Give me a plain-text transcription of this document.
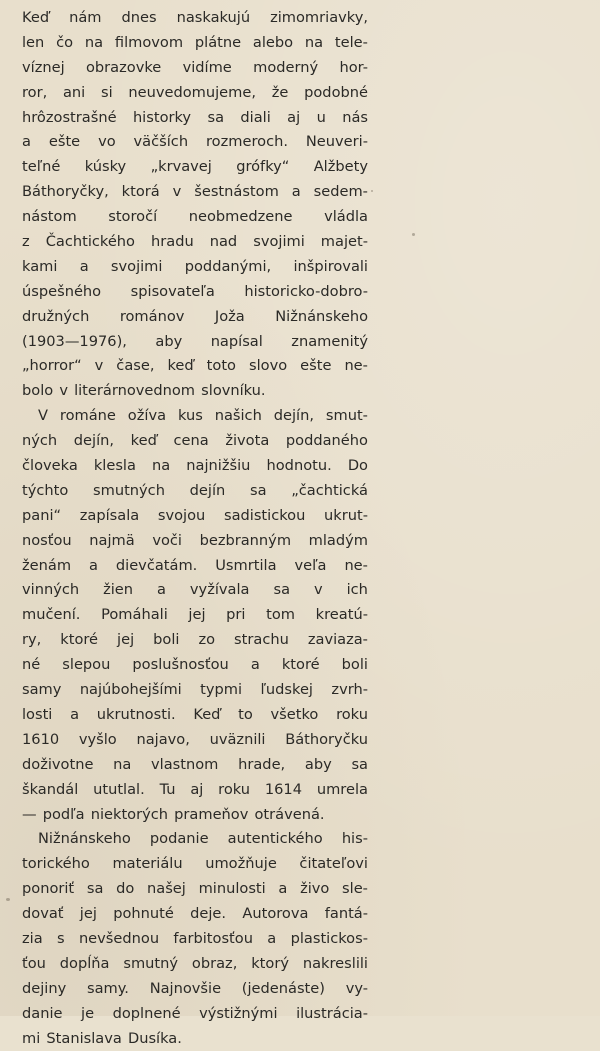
Keď nám dnes naskakujú zimomriavky,
len čo na filmovom plátne alebo na tele-
víznej obrazovke vidíme moderný hor-
ror, ani si neuvedomujeme, že podobné
hrôzostrašné historky sa diali aj u nás
a ešte vo väčších rozmeroch. Neuveri-
teľné kúsky „krvavej grófky“ Alžbety
Báthoryčky, ktorá v šestnástom a sedem-
nástom storočí neobmedzene vládla
z Čachtického hradu nad svojimi majet-
kami a svojimi poddanými, inšpirovali
úspešného spisovateľa historicko-dobro-
družných románov Joža Nižnánskeho
(1903—1976), aby napísal znamenitý
„horror“ v čase, keď toto slovo ešte ne-
bolo v literárnovednom slovníku.
V románe ožíva kus našich dejín, smut-
ných dejín, keď cena života poddaného
človeka klesla na najnižšiu hodnotu. Do
týchto smutných dejín sa „čachtická
pani“ zapísala svojou sadistickou ukrut-
nosťou najmä voči bezbranným mladým
ženám a dievčatám. Usmrtila veľa ne-
vinných žien a vyžívala sa v ich
mučení. Pomáhali jej pri tom kreatú-
ry, ktoré jej boli zo strachu zaviaza-
né slepou poslušnosťou a ktoré boli
samy najúbohejšími typmi ľudskej zvrh-
losti a ukrutnosti. Keď to všetko roku
1610 vyšlo najavo, uväznili Báthoryčku
doživotne na vlastnom hrade, aby sa
škandál ututlal. Tu aj roku 1614 umrela
— podľa niektorých prameňov otrávená.
Nižnánskeho podanie autentického his-
torického materiálu umožňuje čitateľovi
ponoriť sa do našej minulosti a živo sle-
dovať jej pohnuté deje. Autorova fantá-
zia s nevšednou farbitosťou a plastickos-
ťou dopĺňa smutný obraz, ktorý nakreslili
dejiny samy. Najnovšie (jedenáste) vy-
danie je doplnené výstižnými ilustrácia-
mi Stanislava Dusíka.
